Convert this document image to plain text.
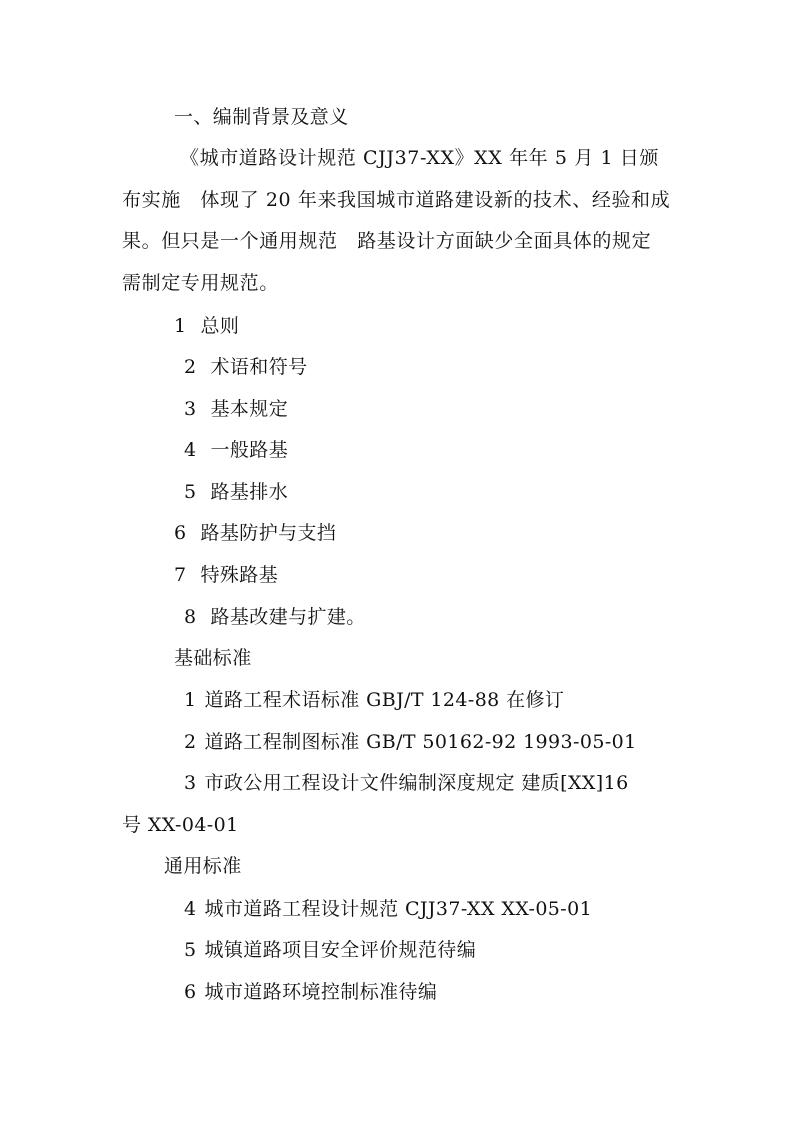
一、编制背景及意义
《城市道路设计规范 CJJ37-XX》XX 年年 5 月 1 日颁布实施　体现了 20 年来我国城市道路建设新的技术、经验和成果。但只是一个通用规范　路基设计方面缺少全面具体的规定　需制定专用规范。
1 总则
2 术语和符号
3 基本规定
4 一般路基
5 路基排水
6 路基防护与支挡
7 特殊路基
8 路基改建与扩建。
基础标准
1 道路工程术语标准 GBJ/T 124-88 在修订
2 道路工程制图标准 GB/T 50162-92 1993-05-01
3 市政公用工程设计文件编制深度规定 建质[XX]16
号 XX-04-01
通用标准
4 城市道路工程设计规范 CJJ37-XX XX-05-01
5 城镇道路项目安全评价规范待编
6 城市道路环境控制标准待编
